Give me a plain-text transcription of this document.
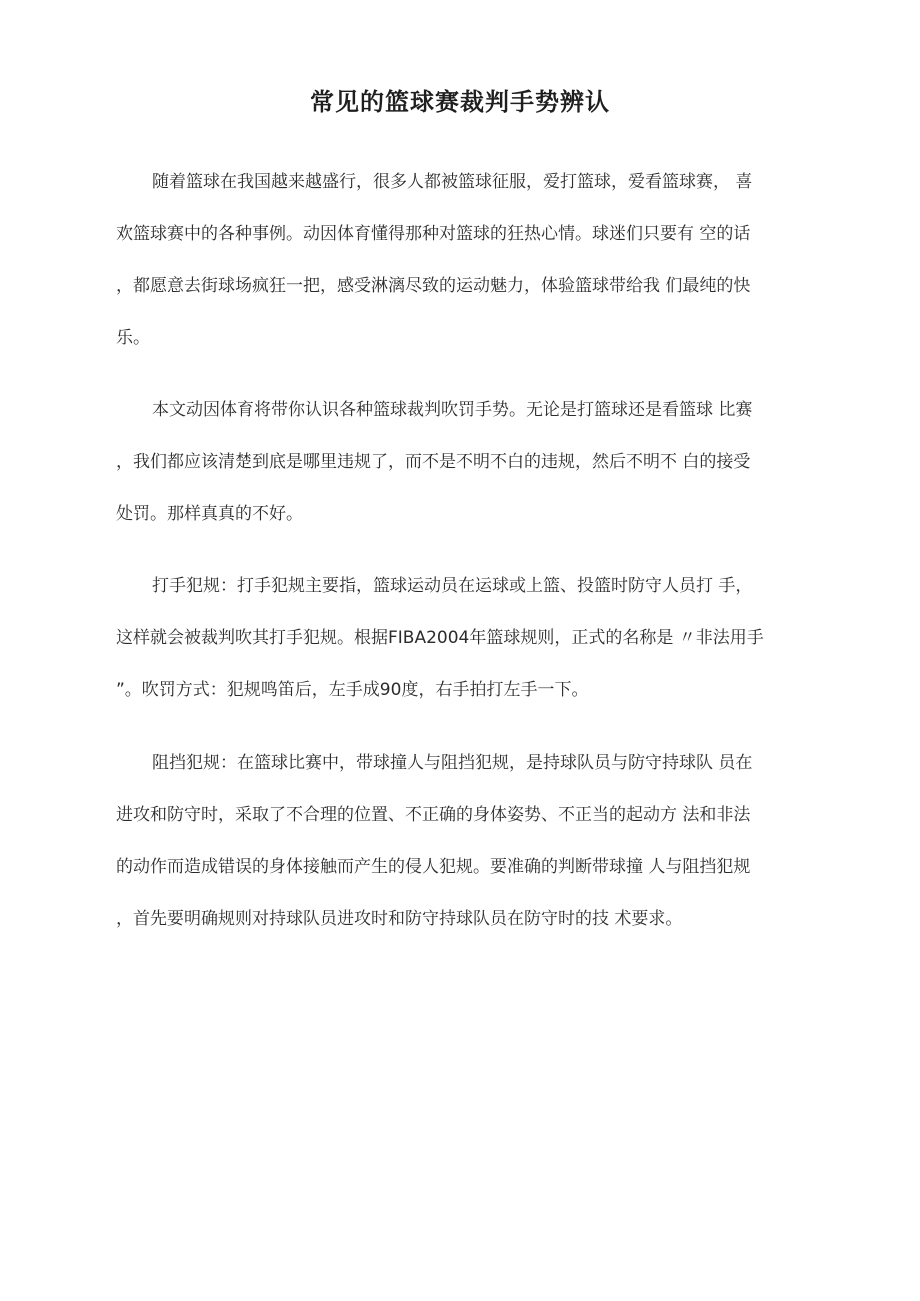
常见的篮球赛裁判手势辨认
随着篮球在我国越来越盛行，很多人都被篮球征服，爱打篮球，爱看篮球赛， 喜
欢篮球赛中的各种事例。动因体育懂得那种对篮球的狂热心情。球迷们只要有 空的话
，都愿意去街球场疯狂一把，感受淋漓尽致的运动魅力，体验篮球带给我 们最纯的快
乐。
本文动因体育将带你认识各种篮球裁判吹罚手势。无论是打篮球还是看篮球 比赛
，我们都应该清楚到底是哪里违规了，而不是不明不白的违规，然后不明不 白的接受
处罚。那样真真的不好。
打手犯规：打手犯规主要指，篮球运动员在运球或上篮、投篮时防守人员打 手，
这样就会被裁判吹其打手犯规。根据FIBA2004年篮球规则，正式的名称是 〃非法用手
”。吹罚方式：犯规鸣笛后，左手成90度，右手拍打左手一下。
阻挡犯规：在篮球比赛中，带球撞人与阻挡犯规，是持球队员与防守持球队 员在
进攻和防守时，采取了不合理的位置、不正确的身体姿势、不正当的起动方 法和非法
的动作而造成错误的身体接触而产生的侵人犯规。要准确的判断带球撞 人与阻挡犯规
，首先要明确规则对持球队员进攻时和防守持球队员在防守时的技 术要求。
